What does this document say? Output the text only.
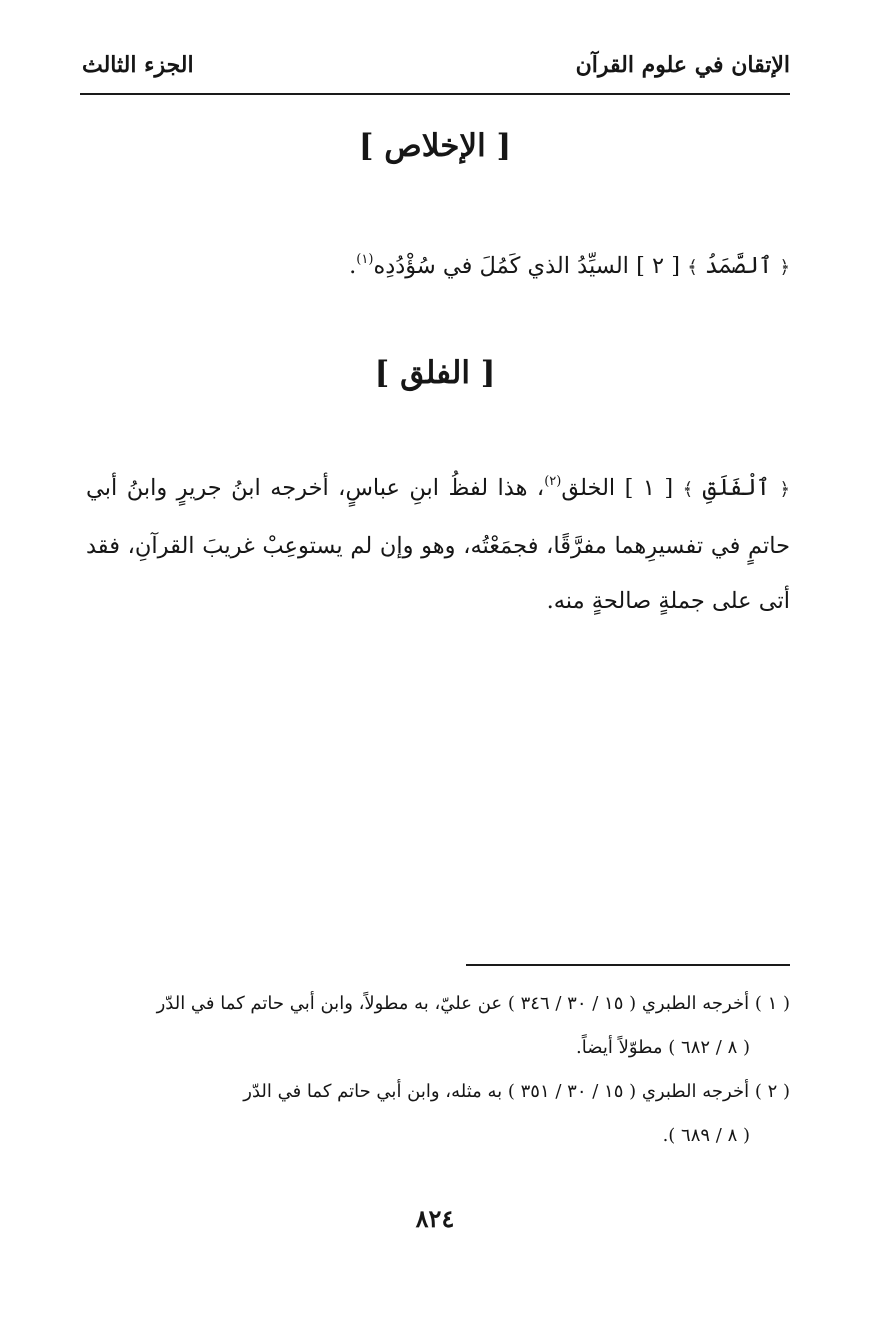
الإتقان في علوم القرآن
الجزء الثالث
[ الإخلاص ]
﴿ ٱلصَّمَدُ ﴾ [ ٢ ] السيِّدُ الذي كَمُلَ في سُؤْدُدِه$^{(١)}$.
[ الفلق ]
﴿ ٱلْفَلَقِ ﴾ [ ١ ] الخلق$^{(٢)}$، هذا لفظُ ابنِ عباسٍ، أخرجه ابنُ جريرٍ وابنُ أبي حاتمٍ في تفسيرِهما مفرَّقًا، فجمَعْتُه، وهو وإن لم يستوعِبْ غريبَ القرآنِ، فقد أتى على جملةٍ صالحةٍ منه.
( ١ ) أخرجه الطبري ( ١٥ / ٣٠ / ٣٤٦ ) عن عليّ، به مطولاً، وابن أبي حاتم كما في الدّر
( ٨ / ٦٨٢ ) مطوّلاً أيضاً.
( ٢ ) أخرجه الطبري ( ١٥ / ٣٠ / ٣٥١ ) به مثله، وابن أبي حاتم كما في الدّر
( ٨ / ٦٨٩ ).
٨٢٤
